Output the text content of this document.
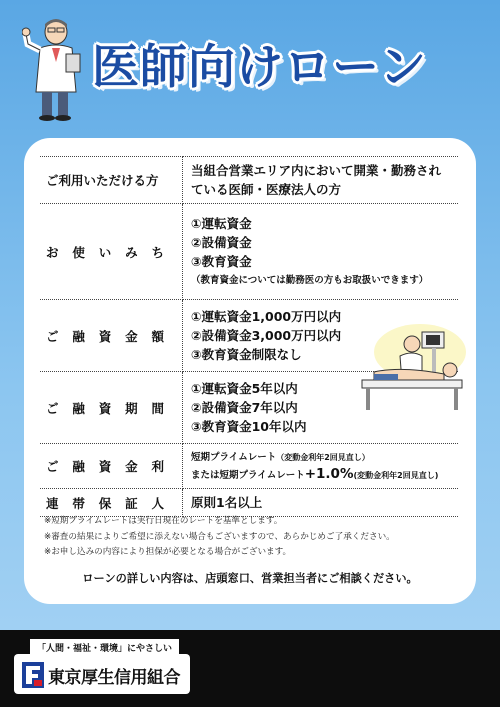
医師向けローン
ご利用いただける方	当組合営業エリア内において開業・勤務されている医師・医療法人の方

お使いみち	①運転資金
②設備資金
③教育資金
（教育資金については勤務医の方もお取扱いできます）

ご融資金額	①運転資金1,000万円以内
②設備資金3,000万円以内
③教育資金制限なし

ご融資期間	①運転資金5年以内
②設備資金7年以内
③教育資金10年以内

ご融資金利	短期プライムレート（変動金利年2回見直し）
または短期プライムレート+1.0%(変動金利年2回見直し)

連帯保証人	原則1名以上
※短期プライムレートは実行日現在のレートを基準とします。
※審査の結果によりご希望に添えない場合もございますので、あらかじめご了承ください。
※お申し込みの内容により担保が必要となる場合がございます。
ローンの詳しい内容は、店頭窓口、営業担当者にご相談ください。
「人間・福祉・環境」にやさしい
東京厚生信用組合
